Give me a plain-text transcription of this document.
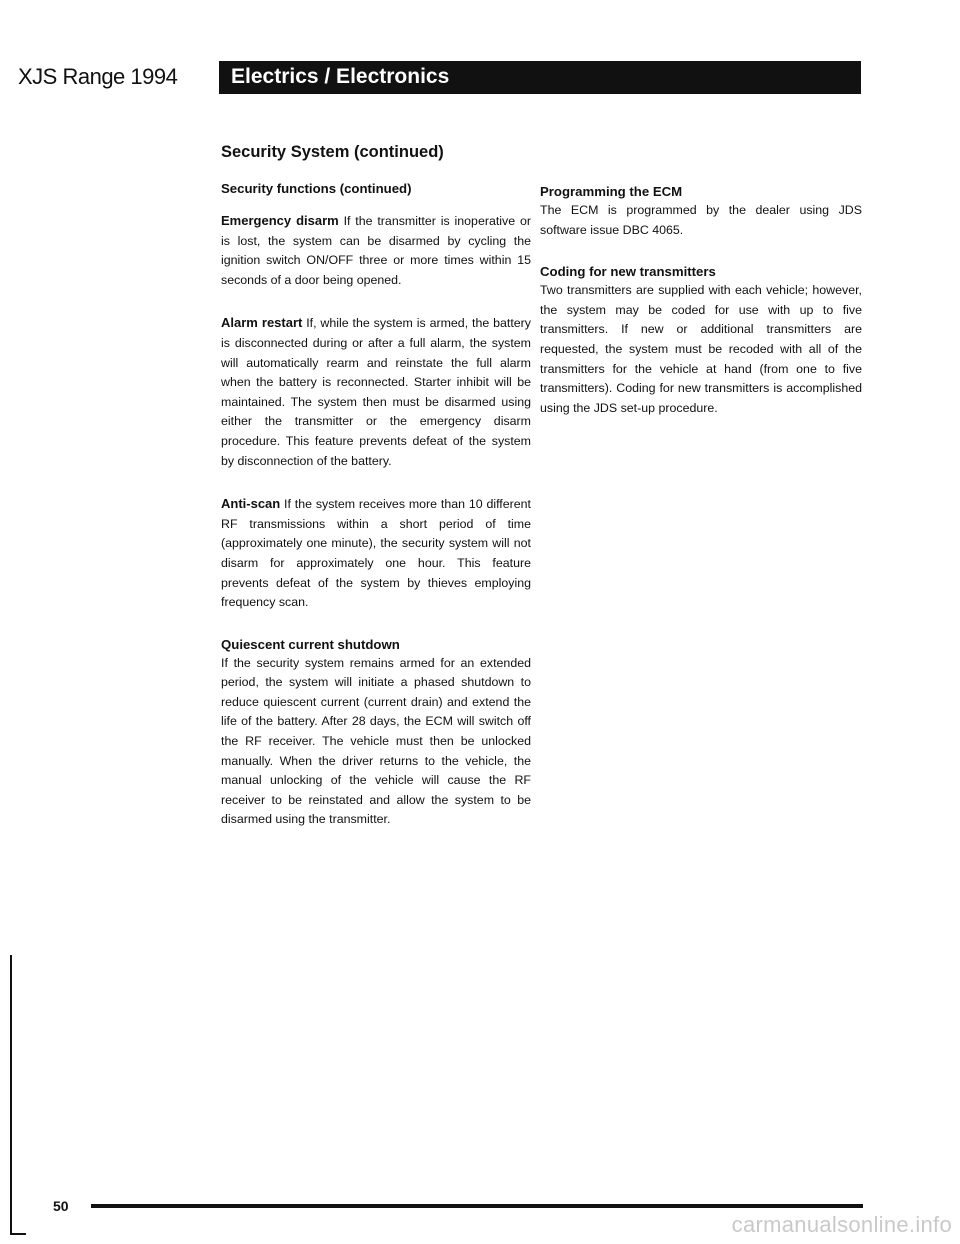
XJS Range 1994	Electrics / Electronics
Security System (continued)

Security functions (continued)

Emergency disarm If the transmitter is inoperative or is lost, the system can be disarmed by cycling the ignition switch ON/OFF three or more times within 15 seconds of a door being opened.

Alarm restart If, while the system is armed, the battery is disconnected during or after a full alarm, the system will automatically rearm and reinstate the full alarm when the battery is reconnected. Starter inhibit will be maintained. The system then must be disarmed using either the transmitter or the emergency disarm procedure. This feature prevents defeat of the system by disconnection of the battery.

Anti-scan If the system receives more than 10 different RF transmissions within a short period of time (approximately one minute), the security system will not disarm for approximately one hour. This feature prevents defeat of the system by thieves employing frequency scan.

Quiescent current shutdown

If the security system remains armed for an extended period, the system will initiate a phased shutdown to reduce quiescent current (current drain) and extend the life of the battery. After 28 days, the ECM will switch off the RF receiver. The vehicle must then be unlocked manually. When the driver returns to the vehicle, the manual unlocking of the vehicle will cause the RF receiver to be reinstated and allow the system to be disarmed using the transmitter.

Programming the ECM

The ECM is programmed by the dealer using JDS software issue DBC 4065.

Coding for new transmitters

Two transmitters are supplied with each vehicle; however, the system may be coded for use with up to five transmitters. If new or additional transmitters are requested, the system must be recoded with all of the transmitters for the vehicle at hand (from one to five transmitters). Coding for new transmitters is accomplished using the JDS set-up procedure.

50
carmanualsonline.info
